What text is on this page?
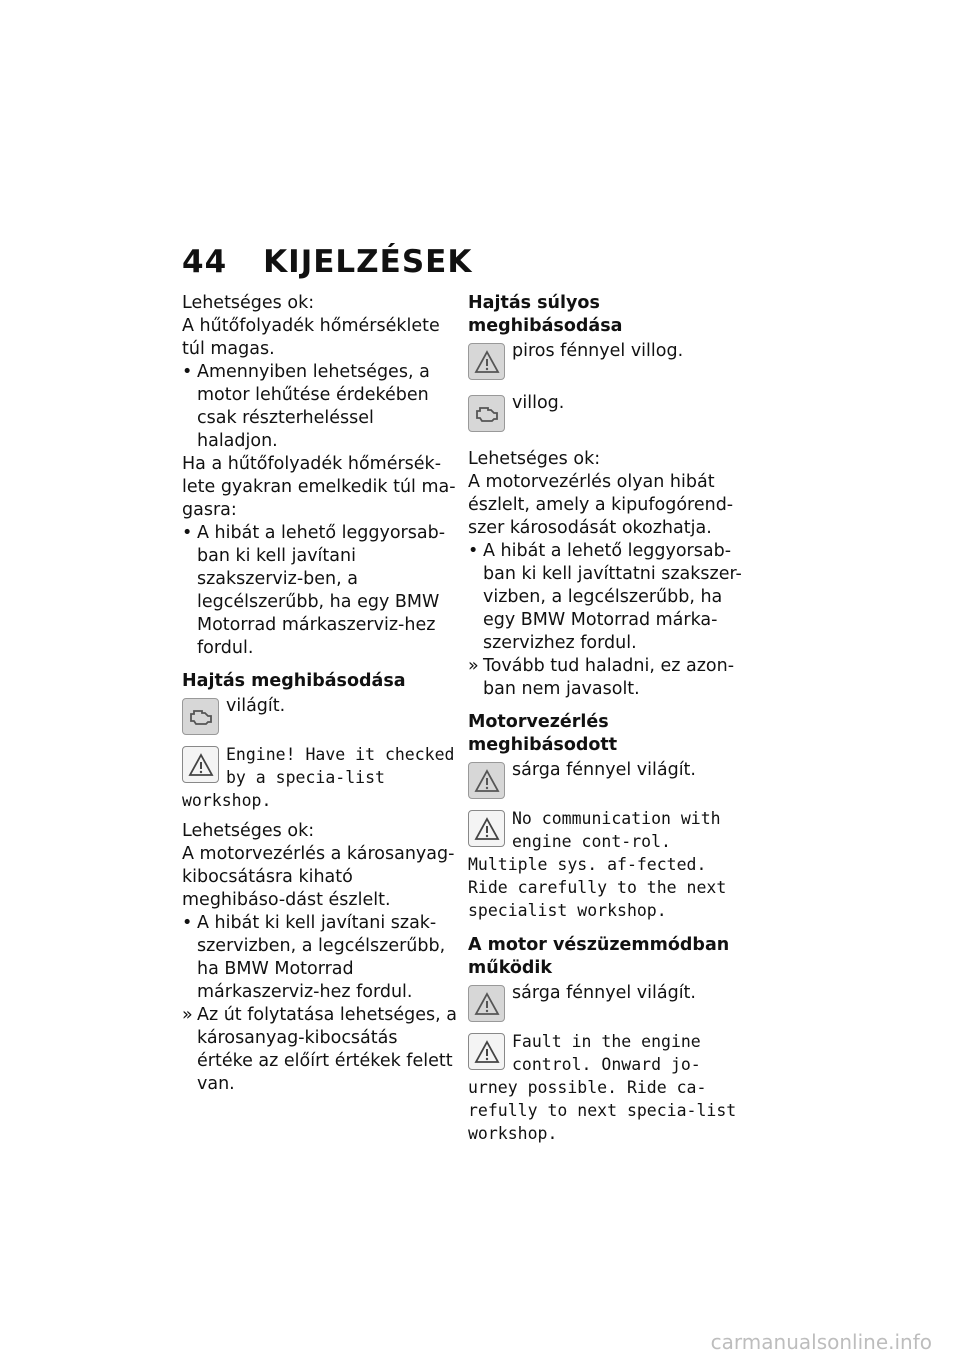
44 KIJELZÉSEK

Lehetséges ok:

A hűtőfolyadék hőmérséklete túl magas.

• Amennyiben lehetséges, a motor lehűtése érdekében csak részterheléssel haladjon.

Ha a hűtőfolyadék hőmérsék-lete gyakran emelkedik túl ma-gasra:

• A hibát a lehető leggyorsab-ban ki kell javítani szakszerviz-ben, a legcélszerűbb, ha egy BMW Motorrad márkaszerviz-hez fordul.

Hajtás meghibásodása

világít.
Engine! Have it checked by a specia-list workshop.

Lehetséges ok:

A motorvezérlés a károsanyag-kibocsátásra kiható meghibáso-dást észlelt.

• A hibát ki kell javítani szak-szervizben, a legcélszerűbb, ha BMW Motorrad márkaszerviz-hez fordul.

» Az út folytatása lehetséges, a károsanyag-kibocsátás értéke az előírt értékek felett van.

Hajtás súlyos meghibásodása

piros fénnyel villog.
villog.

Lehetséges ok:

A motorvezérlés olyan hibát észlelt, amely a kipufogórend-szer károsodását okozhatja.

• A hibát a lehető leggyorsab-ban ki kell javíttatni szakszer-vizben, a legcélszerűbb, ha egy BMW Motorrad márka-szervizhez fordul.

» Tovább tud haladni, ez azon-ban nem javasolt.

Motorvezérlés meghibásodott

sárga fénnyel világít.
No communication with engine cont-rol. Multiple sys. af-fected. Ride carefully to the next specialist workshop.

A motor vészüzemmódban működik

sárga fénnyel világít.
Fault in the engine control. Onward jo-urney possible. Ride ca-refully to next specia-list workshop.
carmanualsonline.info
